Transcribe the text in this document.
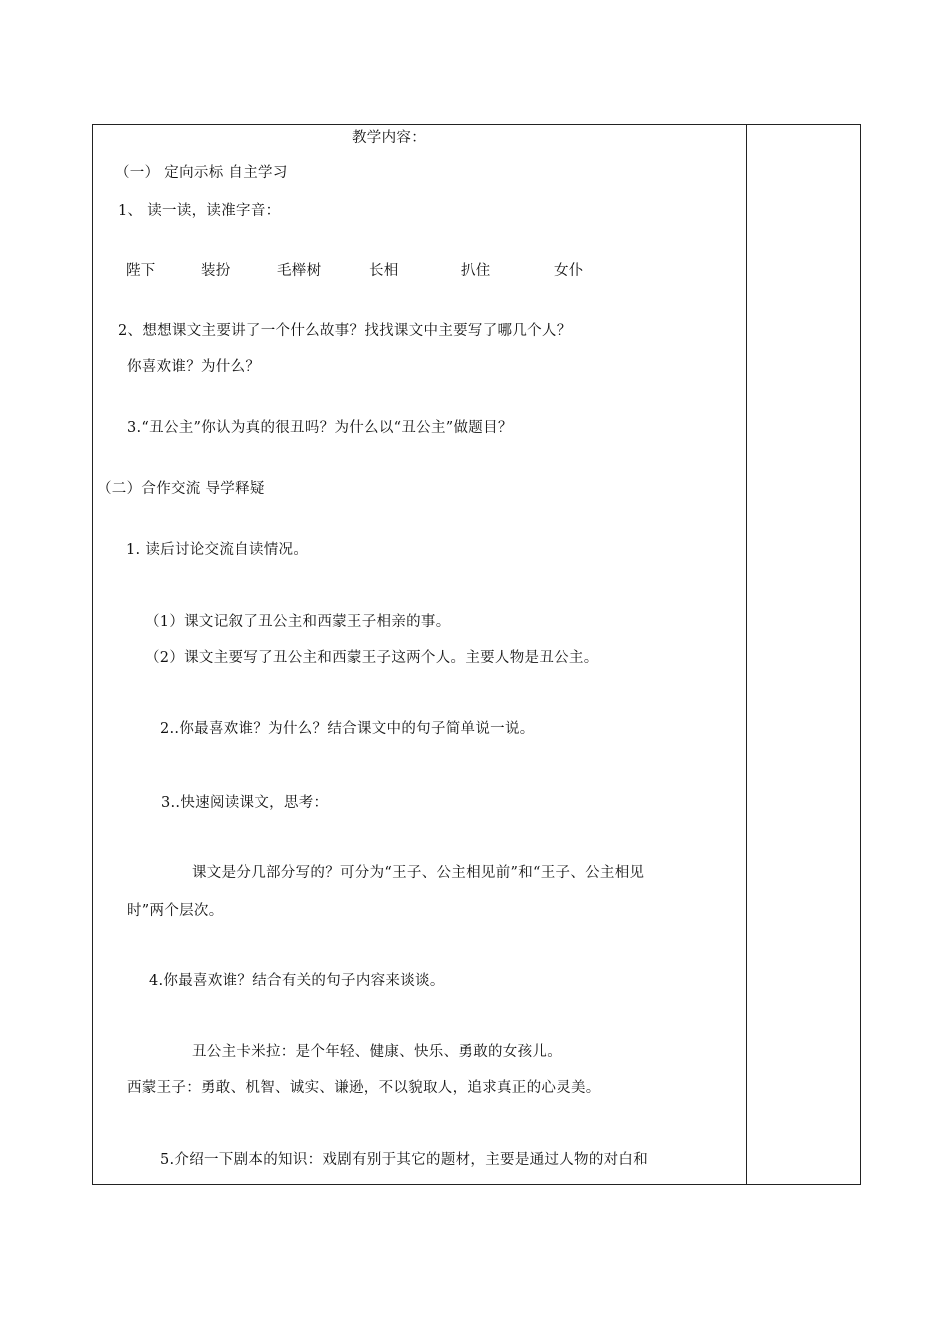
教学内容：
（一） 定向示标 自主学习
1、 读一读，读准字音：
陛下	装扮	毛榉树	长相	扒住	女仆
2、想想课文主要讲了一个什么故事？找找课文中主要写了哪几个人？
你喜欢谁？为什么？
3.“丑公主”你认为真的很丑吗？为什么以“丑公主”做题目？
（二）合作交流 导学释疑
1. 读后讨论交流自读情况。
（1）课文记叙了丑公主和西蒙王子相亲的事。
（2）课文主要写了丑公主和西蒙王子这两个人。主要人物是丑公主。
2..你最喜欢谁？为什么？结合课文中的句子简单说一说。
3..快速阅读课文，思考：
课文是分几部分写的？可分为“王子、公主相见前”和“王子、公主相见
时”两个层次。
4.你最喜欢谁？结合有关的句子内容来谈谈。
丑公主卡米拉：是个年轻、健康、快乐、勇敢的女孩儿。
西蒙王子：勇敢、机智、诚实、谦逊，不以貌取人，追求真正的心灵美。
5.介绍一下剧本的知识：戏剧有别于其它的题材，主要是通过人物的对白和
